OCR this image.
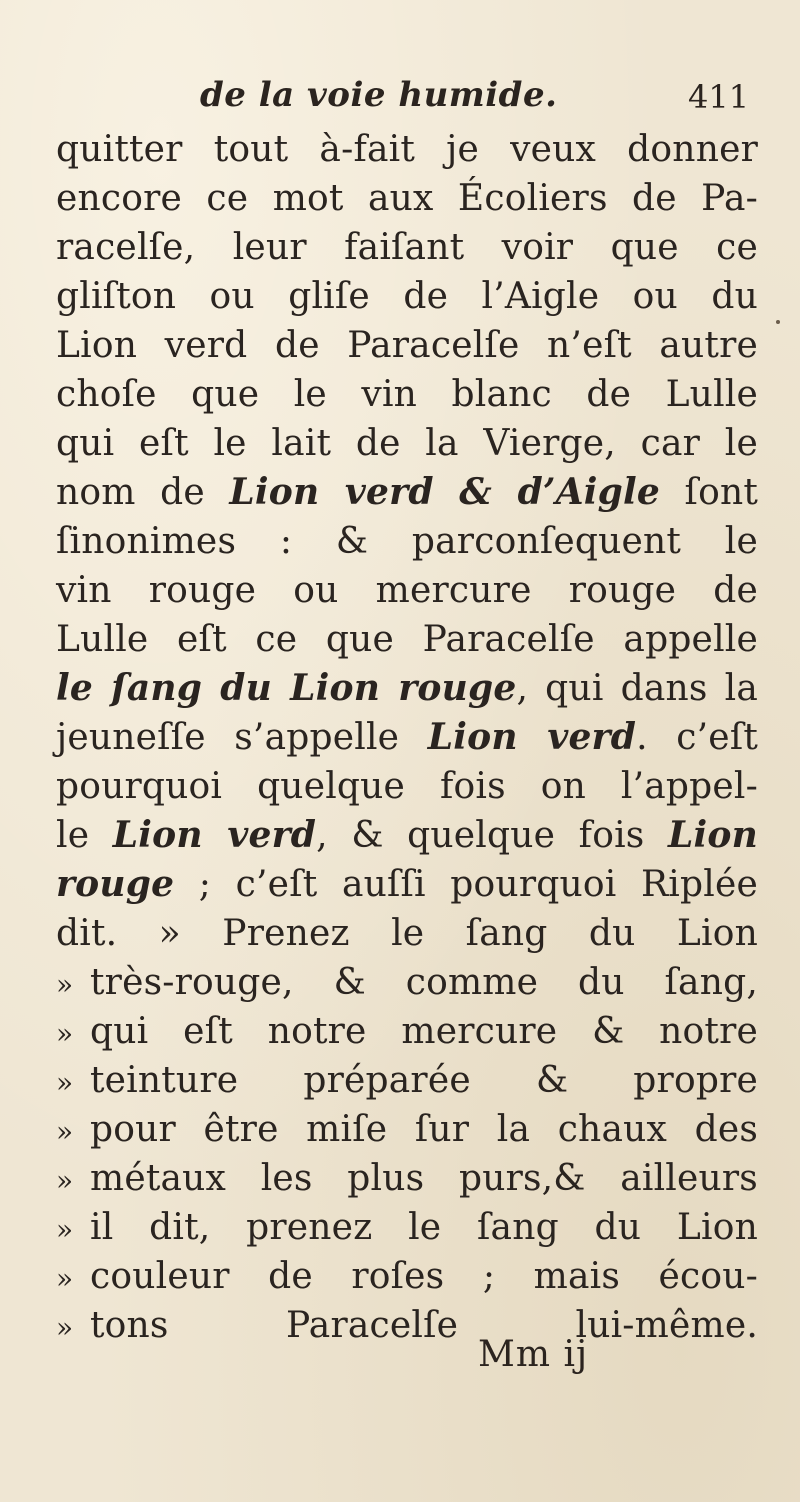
de la voie humide.	411
quitter tout à-fait je veux donner
encore ce mot aux Écoliers de Pa-
racelſe, leur faiſant voir que ce
gliſton ou gliſe de l’Aigle ou du
Lion verd de Paracelſe n’eſt autre
choſe que le vin blanc de Lulle
qui eſt le lait de la Vierge, car le
nom de Lion verd & d’Aigle ſont
ſinonimes : & parconſequent le
vin rouge ou mercure rouge de
Lulle eſt ce que Paracelſe appelle
le ſang du Lion rouge, qui dans la
jeuneſſe s’appelle Lion verd. c’eſt
pourquoi quelque fois on l’appel-
le Lion verd, & quelque fois Lion
rouge ; c’eſt auſſi pourquoi Riplée
dit. » Prenez le ſang du Lion
» très-rouge, & comme du ſang,
» qui eſt notre mercure & notre
» teinture préparée & propre
» pour être miſe ſur la chaux des
» métaux les plus purs,& ailleurs
» il dit, prenez le ſang du Lion
» couleur de roſes ; mais écou-
» tons Paracelſe lui-même.
Mm ij
